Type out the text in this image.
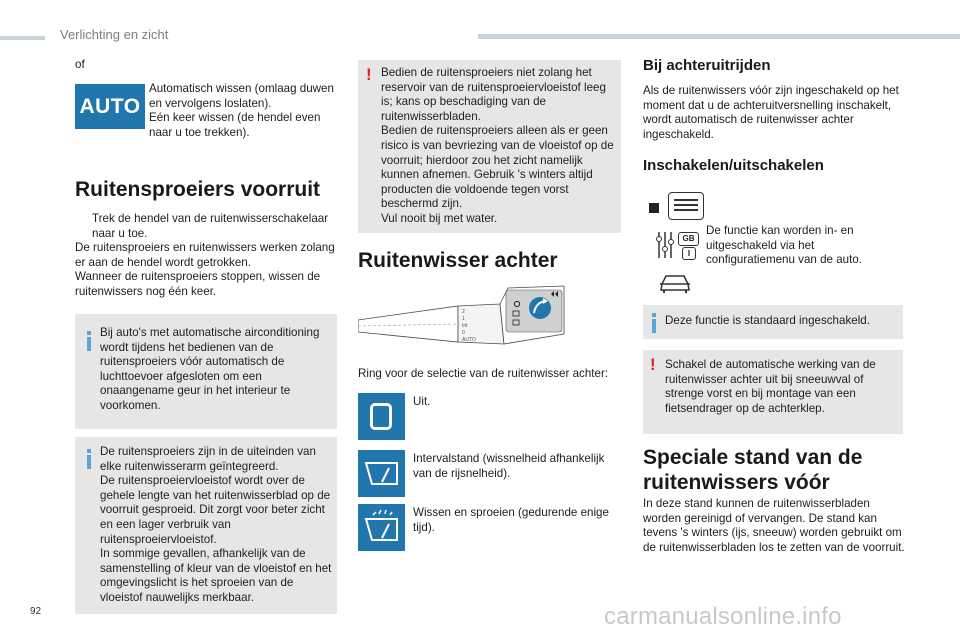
Verlichting en zicht
of
AUTO
Automatisch wissen (omlaag duwen en vervolgens loslaten).
Eén keer wissen (de hendel even naar u toe trekken).
Ruitensproeiers voorruit
Trek de hendel van de ruitenwisserschakelaar naar u toe.
De ruitensproeiers en ruitenwissers werken zolang er aan de hendel wordt getrokken.
Wanneer de ruitensproeiers stoppen, wissen de ruitenwissers nog één keer.
Bij auto's met automatische airconditioning wordt tijdens het bedienen van de ruitensproeiers vóór automatisch de luchttoevoer afgesloten om een onaangename geur in het interieur te voorkomen.
De ruitensproeiers zijn in de uiteinden van elke ruitenwisserarm geïntegreerd.
De ruitensproeiervloeistof wordt over de gehele lengte van het ruitenwisserblad op de voorruit gesproeid. Dit zorgt voor beter zicht en een lager verbruik van ruitensproeiervloeistof.
In sommige gevallen, afhankelijk van de samenstelling of kleur van de vloeistof en het omgevingslicht is het sproeien van de vloeistof nauwelijks merkbaar.
! Bedien de ruitensproeiers niet zolang het reservoir van de ruitensproeiervloeistof leeg is; kans op beschadiging van de ruitenwisserbladen.
Bedien de ruitensproeiers alleen als er geen risico is van bevriezing van de vloeistof op de voorruit; hierdoor zou het zicht namelijk kunnen afnemen. Gebruik 's winters altijd producten die voldoende tegen vorst beschermd zijn.
Vul nooit bij met water.
Ruitenwisser achter
2
1
Int
0
AUTO
Ring voor de selectie van de ruitenwisser achter:
Uit.
Intervalstand (wissnelheid afhankelijk van de rijsnelheid).
Wissen en sproeien (gedurende enige tijd).
Bij achteruitrijden
Als de ruitenwissers vóór zijn ingeschakeld op het moment dat u de achteruitversnelling inschakelt, wordt automatisch de ruitenwisser achter ingeschakeld.
Inschakelen/uitschakelen
GB
I
De functie kan worden in- en uitgeschakeld via het configuratiemenu van de auto.
Deze functie is standaard ingeschakeld.
! Schakel de automatische werking van de ruitenwisser achter uit bij sneeuwval of strenge vorst en bij montage van een fietsendrager op de achterklep.
Speciale stand van de ruitenwissers vóór
In deze stand kunnen de ruitenwisserbladen worden gereinigd of vervangen. De stand kan tevens 's winters (ijs, sneeuw) worden gebruikt om de ruitenwisserbladen los te zetten van de voorruit.
92	carmanualsonline.info
